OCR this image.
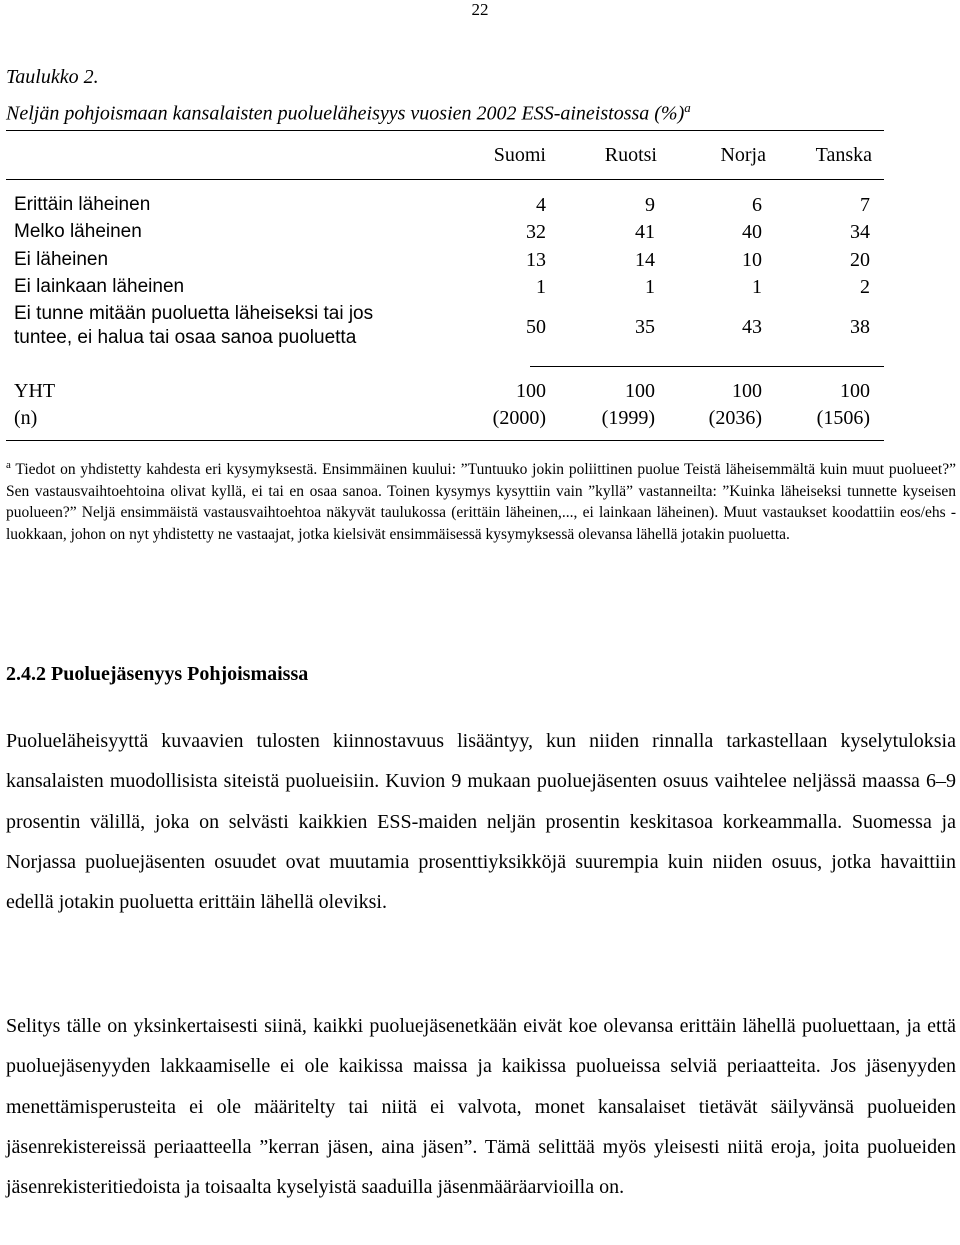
22
Taulukko 2.
Neljän pohjoismaan kansalaisten puolueläheisyys vuosien 2002 ESS-aineistossa (%)$^a$
Suomi	Ruotsi	Norja	Tanska
Erittäin läheinen	4	9	6	7
Melko läheinen	32	41	40	34
Ei läheinen	13	14	10	20
Ei lainkaan läheinen	1	1	1	2
Ei tunne mitään puoluetta läheiseksi tai jos
tuntee, ei halua tai osaa sanoa puoluetta	50	35	43	38
YHT	100	100	100	100
(n)	(2000)	(1999)	(2036)	(1506)
$^a$ Tiedot on yhdistetty kahdesta eri kysymyksestä. Ensimmäinen kuului: ”Tuntuuko jokin poliittinen puolue Teistä läheisemmältä kuin muut puolueet?” Sen vastausvaihtoehtoina olivat kyllä, ei tai en osaa sanoa. Toinen kysymys kysyttiin vain ”kyllä” vastanneilta: ”Kuinka läheiseksi tunnette kyseisen puolueen?” Neljä ensimmäistä vastausvaihtoehtoa näkyvät taulukossa (erittäin läheinen,..., ei lainkaan läheinen). Muut vastaukset koodattiin eos/ehs -luokkaan, johon on nyt yhdistetty ne vastaajat, jotka kielsivät ensimmäisessä kysymyksessä olevansa lähellä jotakin puoluetta.
2.4.2 Puoluejäsenyys Pohjoismaissa
Puolueläheisyyttä kuvaavien tulosten kiinnostavuus lisääntyy, kun niiden rinnalla tarkastellaan kyselytuloksia kansalaisten muodollisista siteistä puolueisiin. Kuvion 9 mukaan puoluejäsenten osuus vaihtelee neljässä maassa 6–9 prosentin välillä, joka on selvästi kaikkien ESS-maiden neljän prosentin keskitasoa korkeammalla. Suomessa ja Norjassa puoluejäsenten osuudet ovat muutamia prosenttiyksikköjä suurempia kuin niiden osuus, jotka havaittiin edellä jotakin puoluetta erittäin lähellä oleviksi.
Selitys tälle on yksinkertaisesti siinä, kaikki puoluejäsenetkään eivät koe olevansa erittäin lähellä puoluettaan, ja että puoluejäsenyyden lakkaamiselle ei ole kaikissa maissa ja kaikissa puolueissa selviä periaatteita. Jos jäsenyyden menettämisperusteita ei ole määritelty tai niitä ei valvota, monet kansalaiset tietävät säilyvänsä puolueiden jäsenrekistereissä periaatteella ”kerran jäsen, aina jäsen”. Tämä selittää myös yleisesti niitä eroja, joita puolueiden jäsenrekisteritiedoista ja toisaalta kyselyistä saaduilla jäsenmääräarvioilla on.
